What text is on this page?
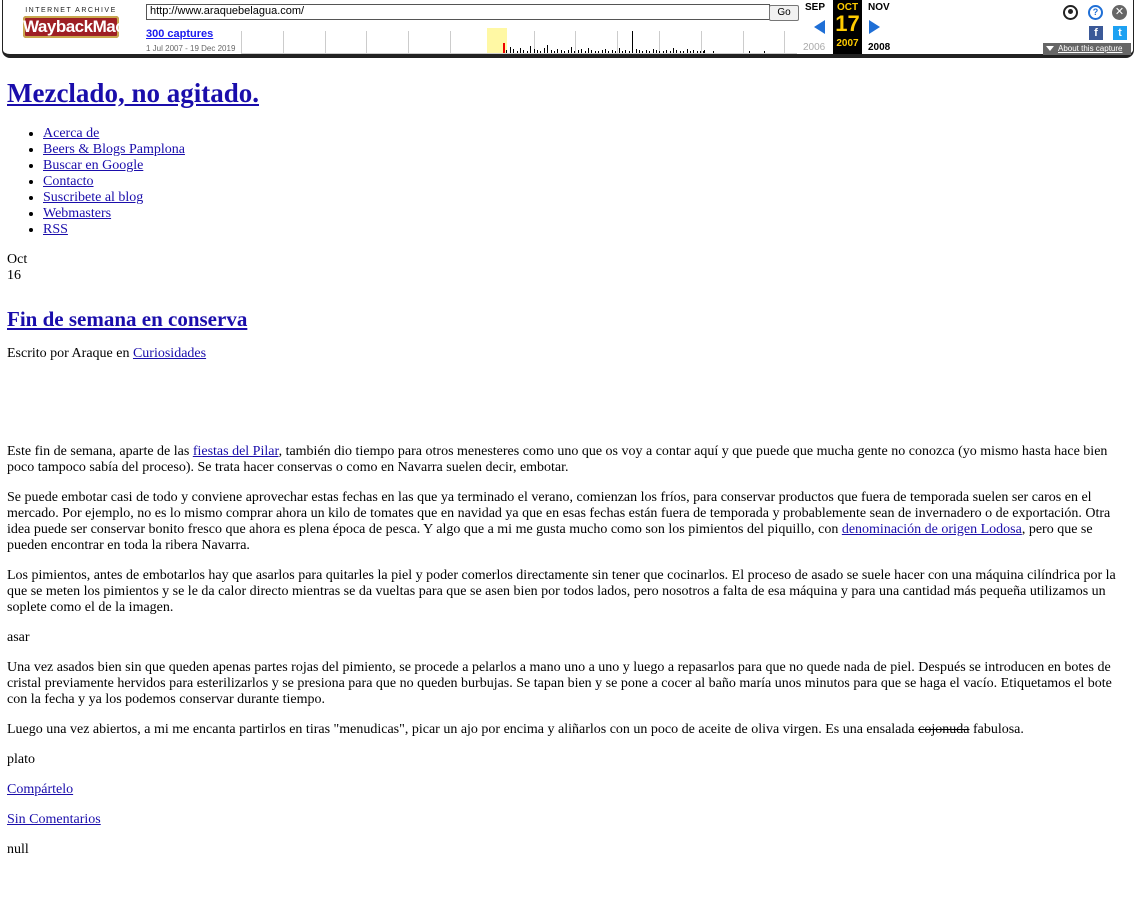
INTERNET ARCHIVE
WaybackMachine
http://www.araquebelagua.com/	Go
300 captures
1 Jul 2007 - 19 Dec 2019
SEP
2006
OCT
17
2007
NOV
2008
?	✕
f	t
About this capture
Mezclado, no agitado.
• Acerca de
• Beers & Blogs Pamplona
• Buscar en Google
• Contacto
• Suscribete al blog
• Webmasters
• RSS
Oct
16
Fin de semana en conserva
Escrito por Araque en Curiosidades

Este fin de semana, aparte de las fiestas del Pilar, también dio tiempo para otros menesteres como uno que os voy a contar aquí y que puede que mucha gente no conozca (yo mismo hasta hace bien poco tampoco sabía del proceso). Se trata hacer conservas o como en Navarra suelen decir, embotar.

Se puede embotar casi de todo y conviene aprovechar estas fechas en las que ya terminado el verano, comienzan los fríos, para conservar productos que fuera de temporada suelen ser caros en el mercado. Por ejemplo, no es lo mismo comprar ahora un kilo de tomates que en navidad ya que en esas fechas están fuera de temporada y probablemente sean de invernadero o de exportación. Otra idea puede ser conservar bonito fresco que ahora es plena época de pesca. Y algo que a mi me gusta mucho como son los pimientos del piquillo, con denominación de origen Lodosa, pero que se pueden encontrar en toda la ribera Navarra.

Los pimientos, antes de embotarlos hay que asarlos para quitarles la piel y poder comerlos directamente sin tener que cocinarlos. El proceso de asado se suele hacer con una máquina cilíndrica por la que se meten los pimientos y se le da calor directo mientras se da vueltas para que se asen bien por todos lados, pero nosotros a falta de esa máquina y para una cantidad más pequeña utilizamos un soplete como el de la imagen.

asar

Una vez asados bien sin que queden apenas partes rojas del pimiento, se procede a pelarlos a mano uno a uno y luego a repasarlos para que no quede nada de piel. Después se introducen en botes de cristal previamente hervidos para esterilizarlos y se presiona para que no queden burbujas. Se tapan bien y se pone a cocer al baño maría unos minutos para que se haga el vacío. Etiquetamos el bote con la fecha y ya los podemos conservar durante tiempo.

Luego una vez abiertos, a mi me encanta partirlos en tiras "menudicas", picar un ajo por encima y aliñarlos con un poco de aceite de oliva virgen. Es una ensalada cojonuda fabulosa.

plato

Compártelo

Sin Comentarios

null
